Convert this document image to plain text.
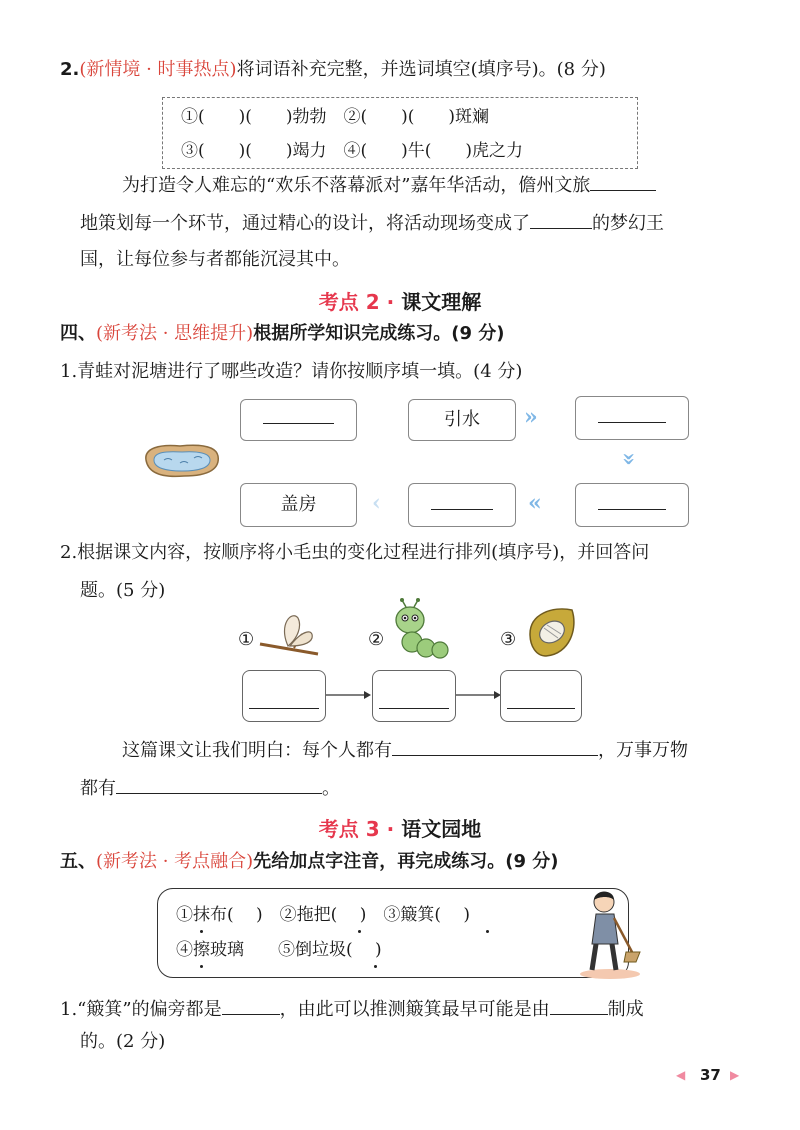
2.(新情境 · 时事热点)将词语补充完整，并选词填空(填序号)。(8 分)
①(　　)(　　)勃勃　②(　　)(　　)斑斓
③(　　)(　　)竭力　④(　　)牛(　　)虎之力
为打造令人难忘的“欢乐不落幕派对”嘉年华活动，儋州文旅
地策划每一个环节，通过精心的设计，将活动现场变成了	的梦幻王
国，让每位参与者都能沉浸其中。
考点 2 · 课文理解
四、(新考法 · 思维提升)根据所学知识完成练习。(9 分)
1.青蛙对泥塘进行了哪些改造？请你按顺序填一填。(4 分)
引水 »
»
«
‹
盖房
2.根据课文内容，按顺序将小毛虫的变化过程进行排列(填序号)，并回答问
题。(5 分)
①	②	③
这篇课文让我们明白：每个人都有	，万事万物
都有	。
考点 3 · 语文园地
五、(新考法 · 考点融合)先给加点字注音，再完成练习。(9 分)
①抹布(　 )　②拖把(　 )　③簸箕(　 )
④擦玻璃　　⑤倒垃圾(　 )
1.“簸箕”的偏旁都是	，由此可以推测簸箕最早可能是由	制成
的。(2 分)
◀ 37 ▶
